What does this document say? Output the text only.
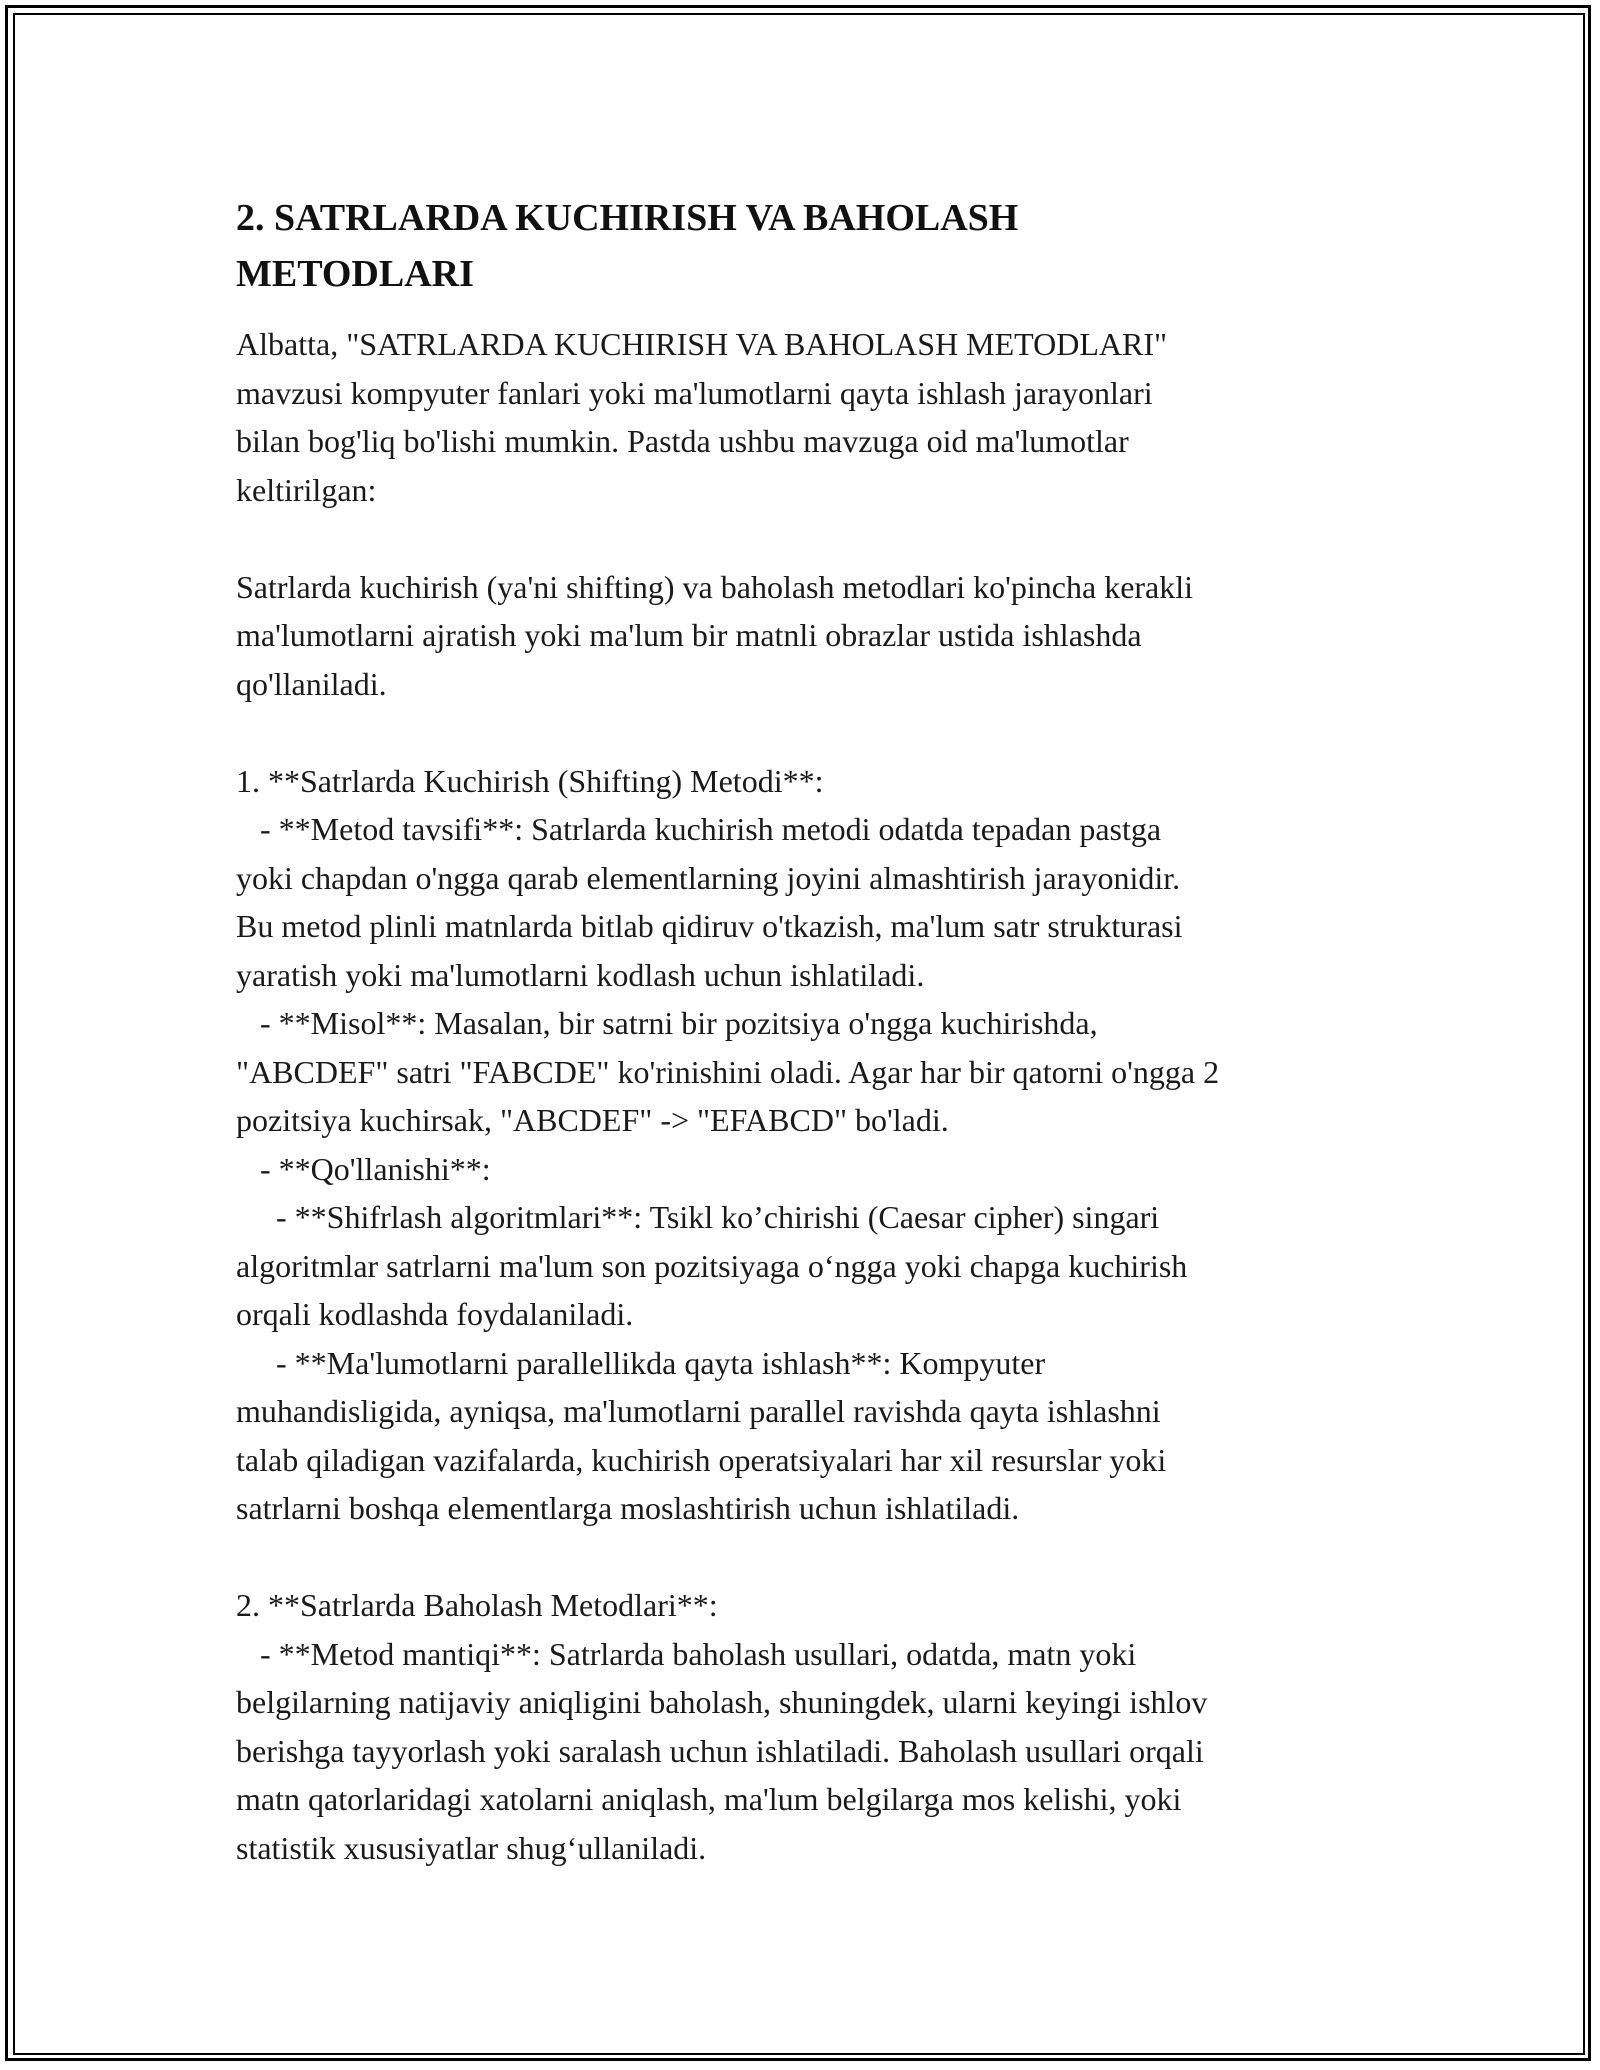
2. SATRLARDA KUCHIRISH VA BAHOLASH
METODLARI

Albatta, "SATRLARDA KUCHIRISH VA BAHOLASH METODLARI"
mavzusi kompyuter fanlari yoki ma'lumotlarni qayta ishlash jarayonlari
bilan bog'liq bo'lishi mumkin. Pastda ushbu mavzuga oid ma'lumotlar
keltirilgan:

Satrlarda kuchirish (ya'ni shifting) va baholash metodlari ko'pincha kerakli
ma'lumotlarni ajratish yoki ma'lum bir matnli obrazlar ustida ishlashda
qo'llaniladi.

1. **Satrlarda Kuchirish (Shifting) Metodi**:
- **Metod tavsifi**: Satrlarda kuchirish metodi odatda tepadan pastga
yoki chapdan o'ngga qarab elementlarning joyini almashtirish jarayonidir.
Bu metod plinli matnlarda bitlab qidiruv o'tkazish, ma'lum satr strukturasi
yaratish yoki ma'lumotlarni kodlash uchun ishlatiladi.
- **Misol**: Masalan, bir satrni bir pozitsiya o'ngga kuchirishda,
"ABCDEF" satri "FABCDE" ko'rinishini oladi. Agar har bir qatorni o'ngga 2
pozitsiya kuchirsak, "ABCDEF" -> "EFABCD" bo'ladi.
- **Qo'llanishi**:
- **Shifrlash algoritmlari**: Tsikl ko’chirishi (Caesar cipher) singari
algoritmlar satrlarni ma'lum son pozitsiyaga o‘ngga yoki chapga kuchirish
orqali kodlashda foydalaniladi.
- **Ma'lumotlarni parallellikda qayta ishlash**: Kompyuter
muhandisligida, ayniqsa, ma'lumotlarni parallel ravishda qayta ishlashni
talab qiladigan vazifalarda, kuchirish operatsiyalari har xil resurslar yoki
satrlarni boshqa elementlarga moslashtirish uchun ishlatiladi.

2. **Satrlarda Baholash Metodlari**:
- **Metod mantiqi**: Satrlarda baholash usullari, odatda, matn yoki
belgilarning natijaviy aniqligini baholash, shuningdek, ularni keyingi ishlov
berishga tayyorlash yoki saralash uchun ishlatiladi. Baholash usullari orqali
matn qatorlaridagi xatolarni aniqlash, ma'lum belgilarga mos kelishi, yoki
statistik xususiyatlar shug‘ullaniladi.
